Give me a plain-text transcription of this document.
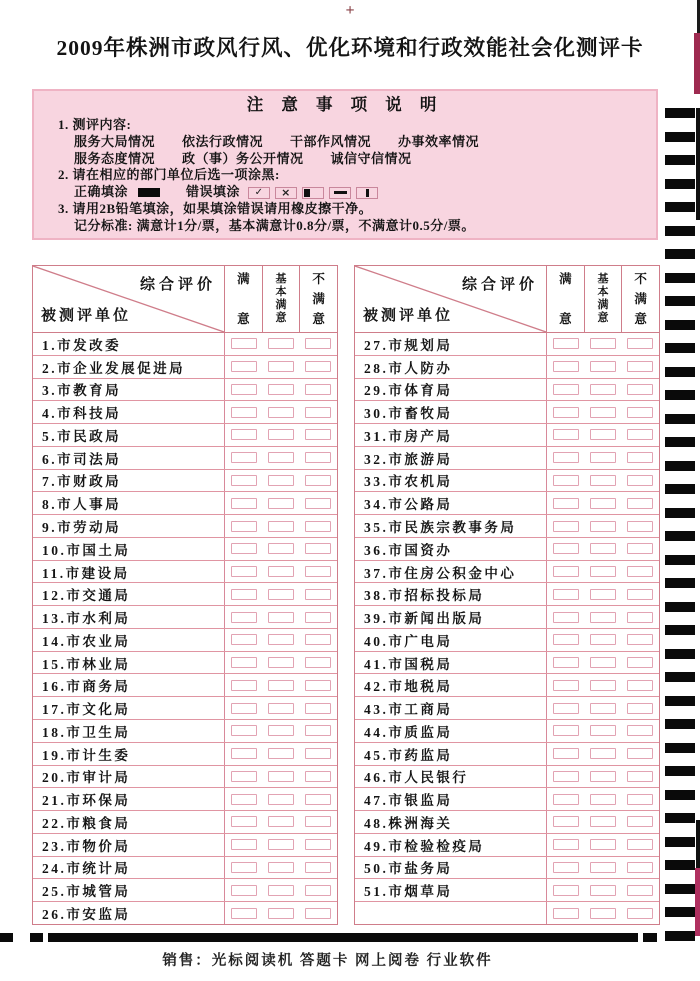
+
2009年株洲市政风行风、优化环境和行政效能社会化测评卡
注 意 事 项 说 明
1. 测评内容:
服务大局情况　　依法行政情况　　干部作风情况　　办事效率情况
服务态度情况　　政（事）务公开情况　　诚信守信情况
2. 请在相应的部门单位后选一项涂黑:
正确填涂	错误填涂
✓
×
3. 请用2B铅笔填涂，如果填涂错误请用橡皮擦干净。
记分标准: 满意计1分/票，基本满意计0.8分/票，不满意计0.5分/票。
综合评价
被测评单位
满
意
基
本
满
意
不
满
意
1.市发改委
2.市企业发展促进局
3.市教育局
4.市科技局
5.市民政局
6.市司法局
7.市财政局
8.市人事局
9.市劳动局
10.市国土局
11.市建设局
12.市交通局
13.市水利局
14.市农业局
15.市林业局
16.市商务局
17.市文化局
18.市卫生局
19.市计生委
20.市审计局
21.市环保局
22.市粮食局
23.市物价局
24.市统计局
25.市城管局
26.市安监局
综合评价
被测评单位
满
意
基
本
满
意
不
满
意
27.市规划局
28.市人防办
29.市体育局
30.市畜牧局
31.市房产局
32.市旅游局
33.市农机局
34.市公路局
35.市民族宗教事务局
36.市国资办
37.市住房公积金中心
38.市招标投标局
39.市新闻出版局
40.市广电局
41.市国税局
42.市地税局
43.市工商局
44.市质监局
45.市药监局
46.市人民银行
47.市银监局
48.株洲海关
49.市检验检疫局
50.市盐务局
51.市烟草局
销售：光标阅读机 答题卡 网上阅卷 行业软件
